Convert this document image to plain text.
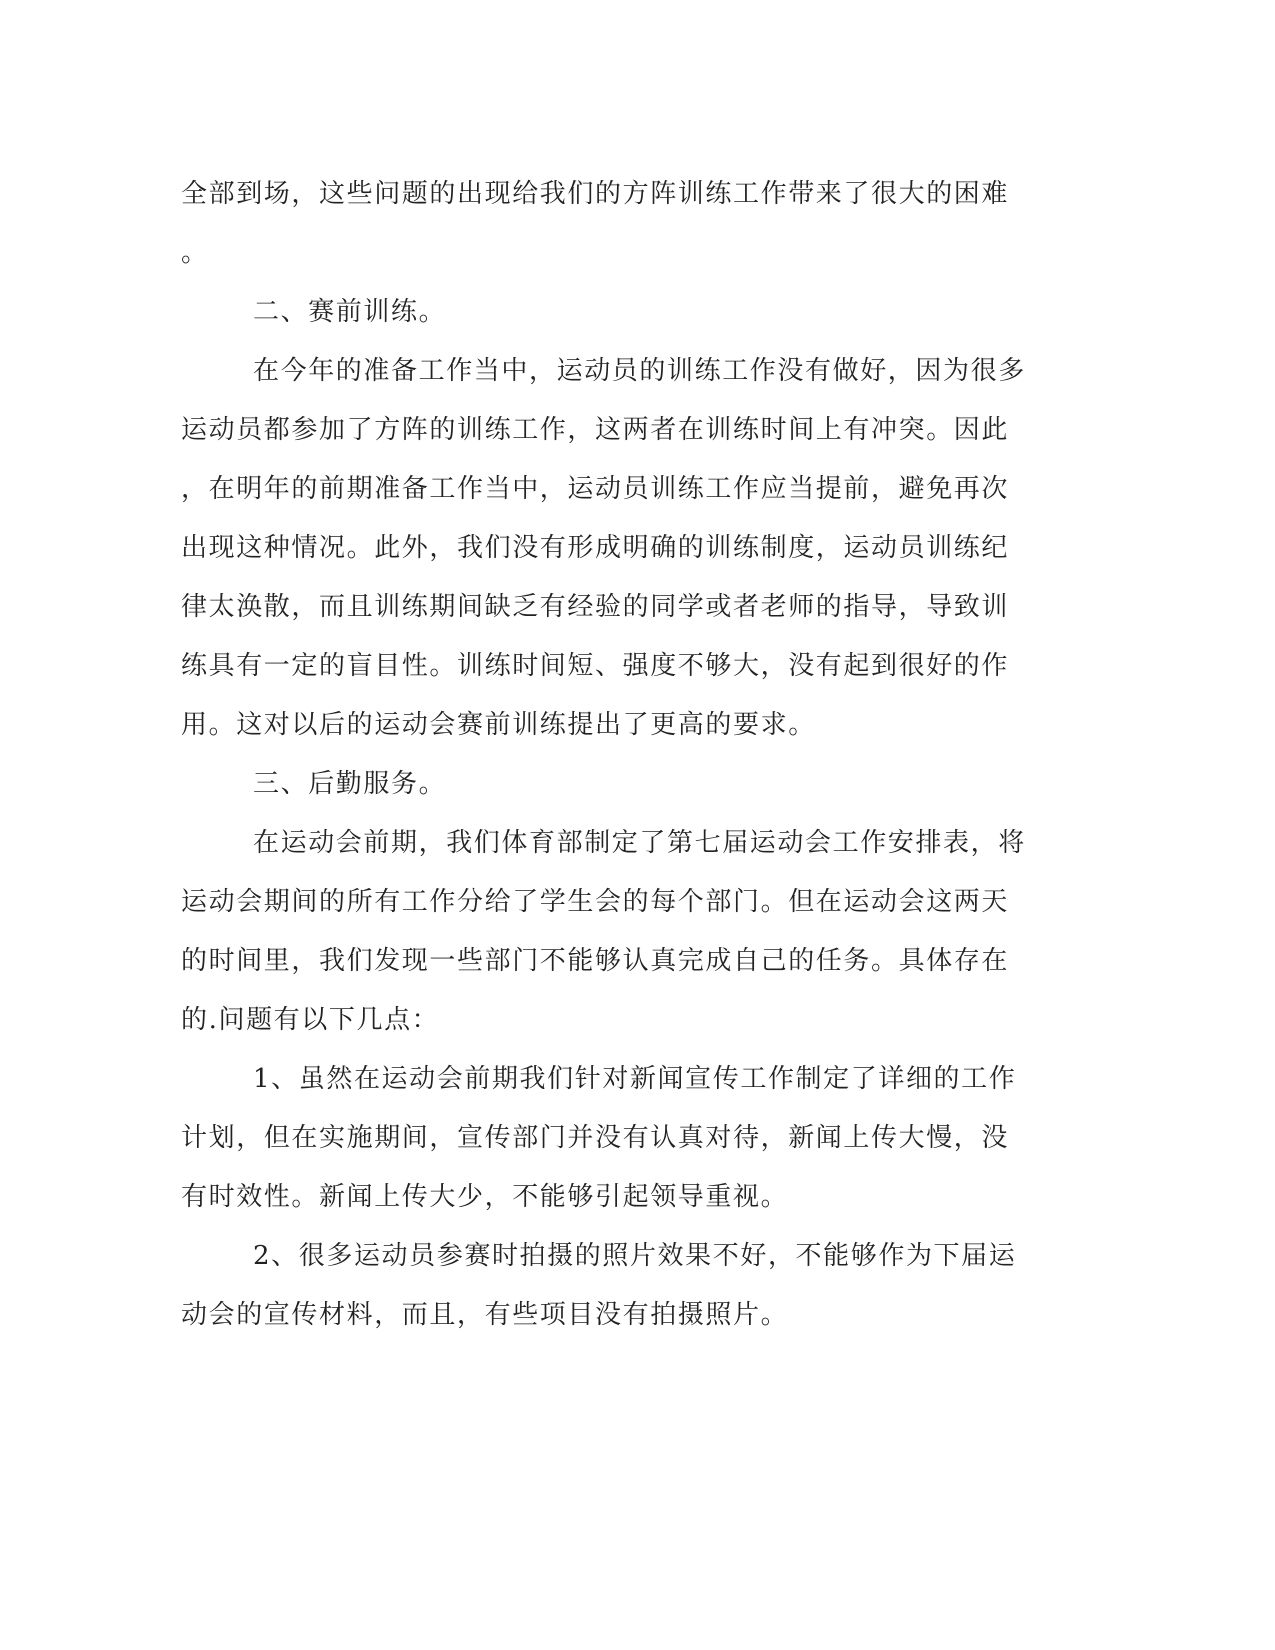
全部到场，这些问题的出现给我们的方阵训练工作带来了很大的困难
。
二、赛前训练。
在今年的准备工作当中，运动员的训练工作没有做好，因为很多
运动员都参加了方阵的训练工作，这两者在训练时间上有冲突。因此
，在明年的前期准备工作当中，运动员训练工作应当提前，避免再次
出现这种情况。此外，我们没有形成明确的训练制度，运动员训练纪
律太涣散，而且训练期间缺乏有经验的同学或者老师的指导，导致训
练具有一定的盲目性。训练时间短、强度不够大，没有起到很好的作
用。这对以后的运动会赛前训练提出了更高的要求。
三、后勤服务。
在运动会前期，我们体育部制定了第七届运动会工作安排表，将
运动会期间的所有工作分给了学生会的每个部门。但在运动会这两天
的时间里，我们发现一些部门不能够认真完成自己的任务。具体存在
的.问题有以下几点：
1、虽然在运动会前期我们针对新闻宣传工作制定了详细的工作
计划，但在实施期间，宣传部门并没有认真对待，新闻上传大慢，没
有时效性。新闻上传大少，不能够引起领导重视。
2、很多运动员参赛时拍摄的照片效果不好，不能够作为下届运
动会的宣传材料，而且，有些项目没有拍摄照片。
